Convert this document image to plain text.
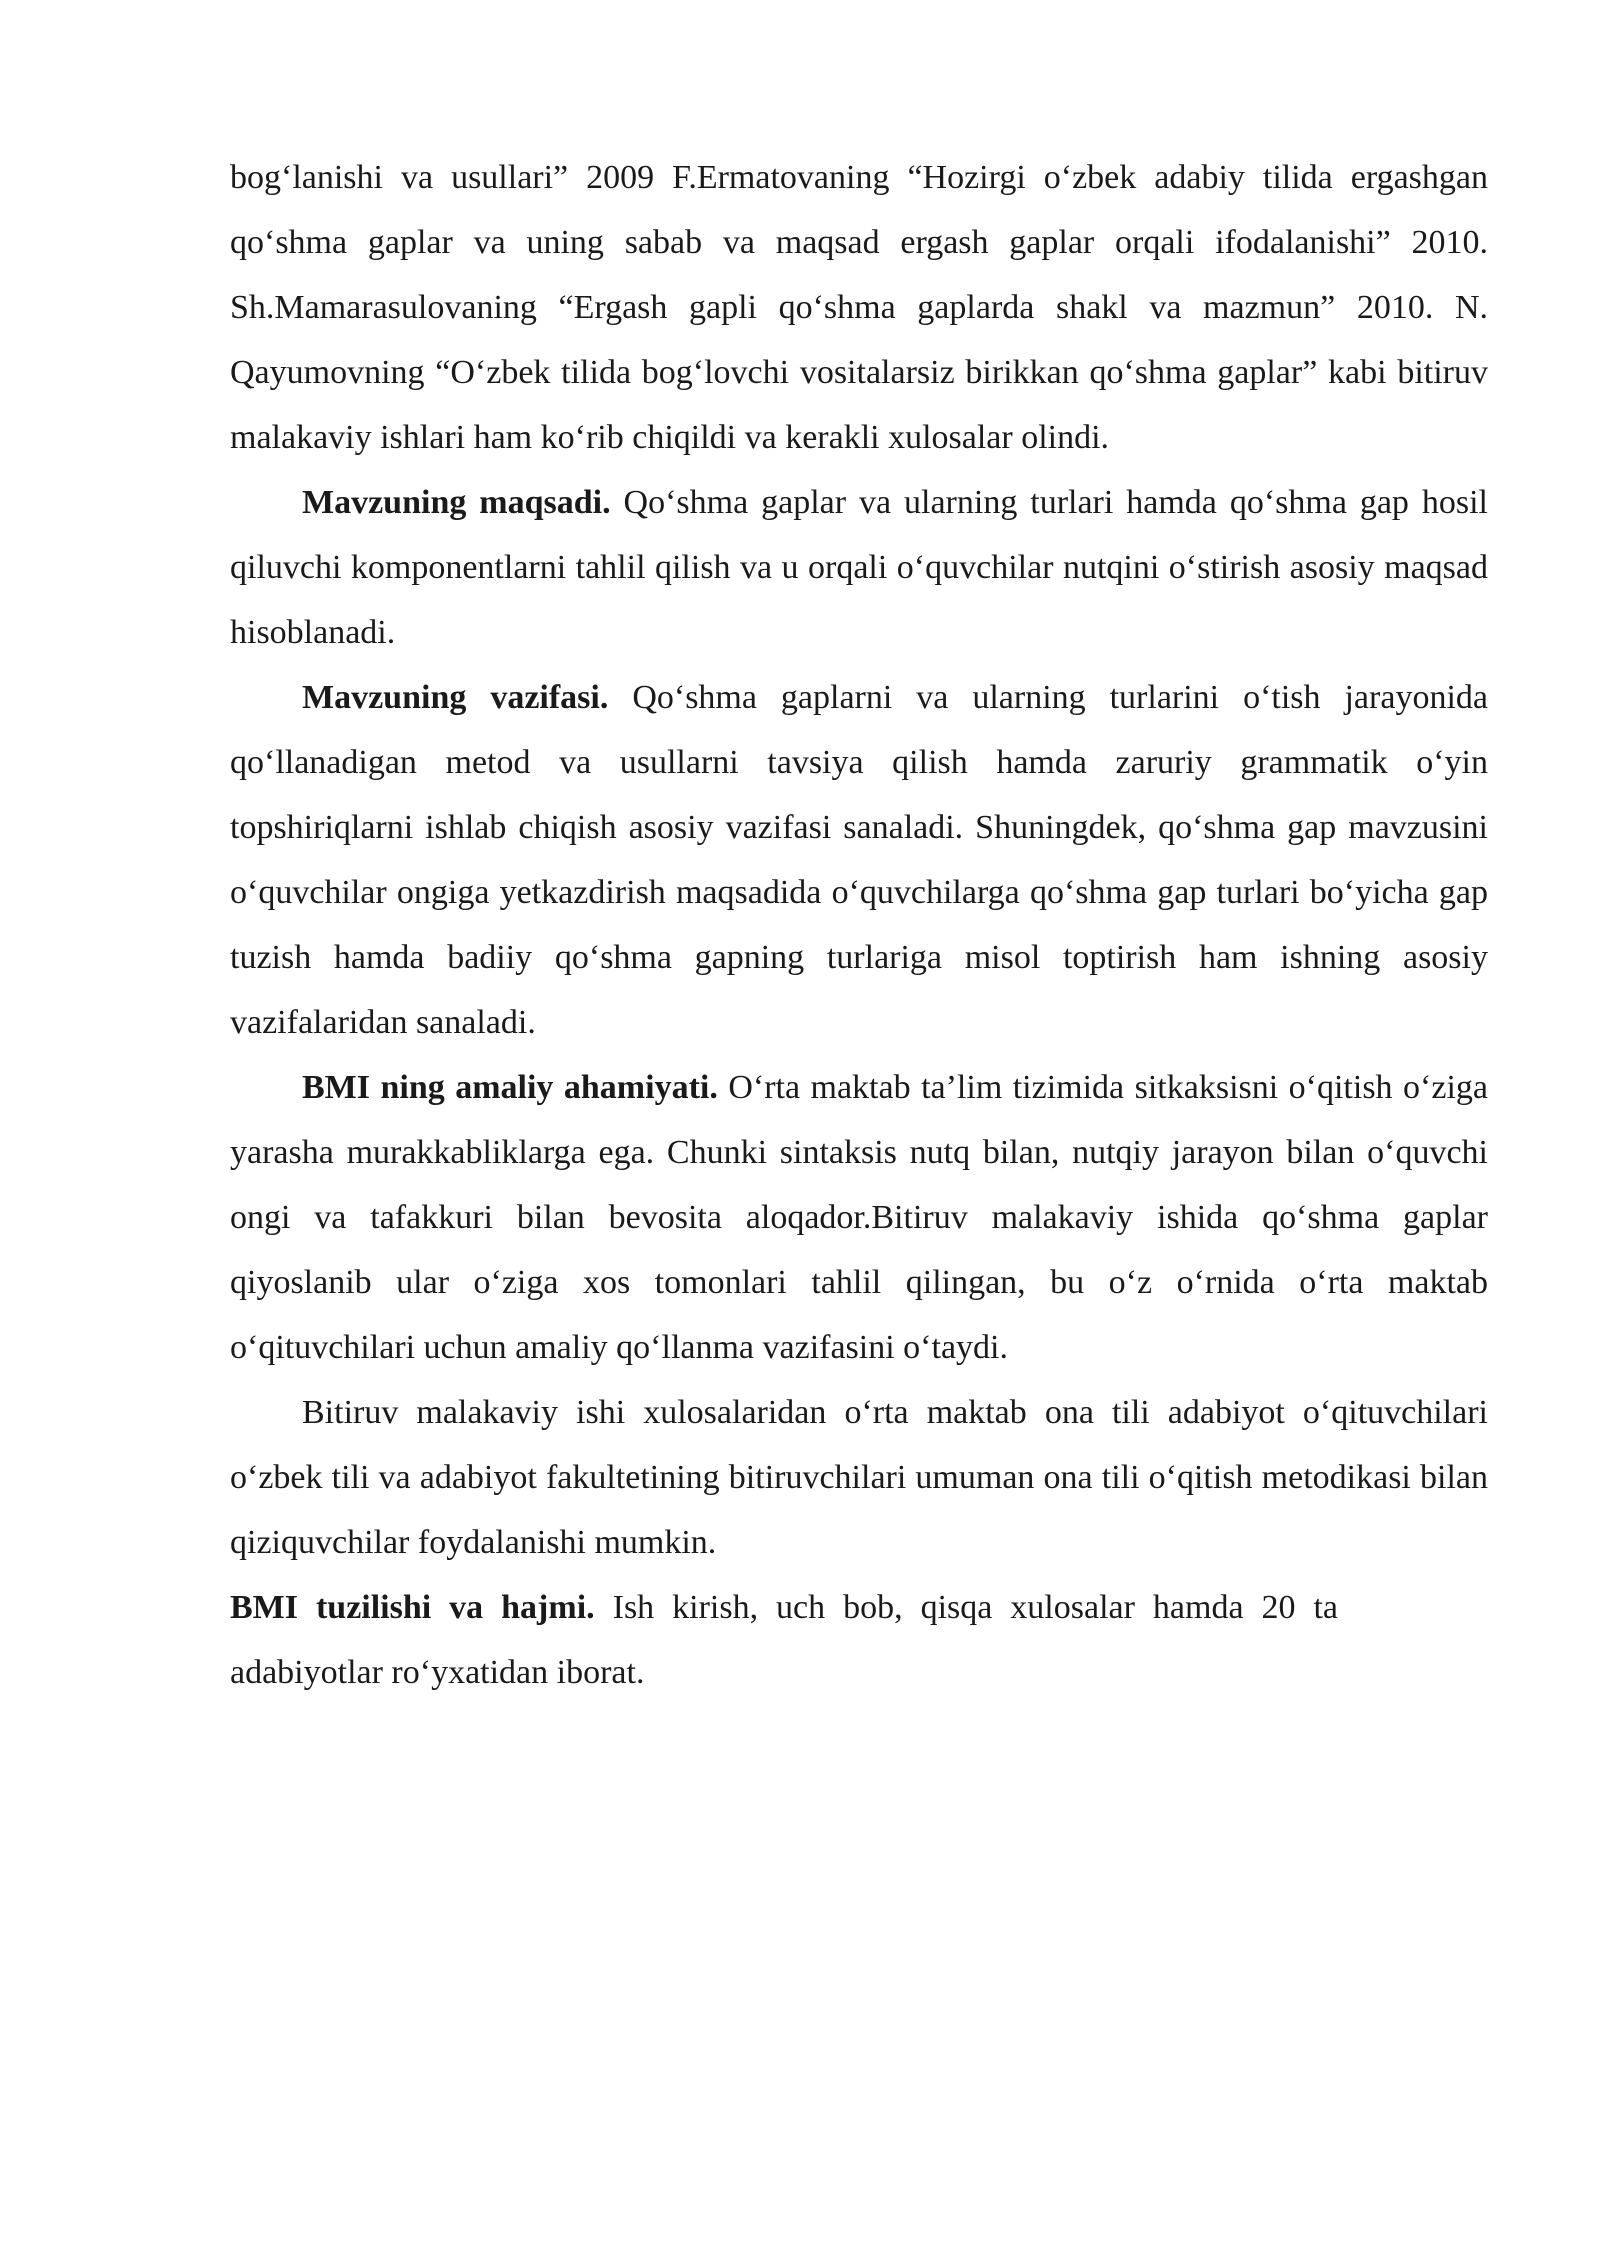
bog‘lanishi va usullari” 2009 F.Ermatovaning “Hozirgi o‘zbek adabiy tilida ergashgan qo‘shma gaplar va uning sabab va maqsad ergash gaplar orqali ifodalanishi” 2010. Sh.Mamarasulovaning “Ergash gapli qo‘shma gaplarda shakl va mazmun” 2010. N. Qayumovning “O‘zbek tilida bog‘lovchi vositalarsiz birikkan qo‘shma gaplar” kabi bitiruv malakaviy ishlari ham ko‘rib chiqildi va kerakli xulosalar olindi.

Mavzuning maqsadi. Qo‘shma gaplar va ularning turlari hamda qo‘shma gap hosil qiluvchi komponentlarni tahlil qilish va u orqali o‘quvchilar nutqini o‘stirish asosiy maqsad hisoblanadi.

Mavzuning vazifasi. Qo‘shma gaplarni va ularning turlarini o‘tish jarayonida qo‘llanadigan metod va usullarni tavsiya qilish hamda zaruriy grammatik o‘yin topshiriqlarni ishlab chiqish asosiy vazifasi sanaladi. Shuningdek, qo‘shma gap mavzusini o‘quvchilar ongiga yetkazdirish maqsadida o‘quvchilarga qo‘shma gap turlari bo‘yicha gap tuzish hamda badiiy qo‘shma gapning turlariga misol toptirish ham ishning asosiy vazifalaridan sanaladi.

BMI ning amaliy ahamiyati. O‘rta maktab ta’lim tizimida sitkaksisni o‘qitish o‘ziga yarasha murakkabliklarga ega. Chunki sintaksis nutq bilan, nutqiy jarayon bilan o‘quvchi ongi va tafakkuri bilan bevosita aloqador.Bitiruv malakaviy ishida qo‘shma gaplar qiyoslanib ular o‘ziga xos tomonlari tahlil qilingan, bu o‘z o‘rnida o‘rta maktab o‘qituvchilari uchun amaliy qo‘llanma vazifasini o‘taydi.

Bitiruv malakaviy ishi xulosalaridan o‘rta maktab ona tili adabiyot o‘qituvchilari o‘zbek tili va adabiyot fakultetining bitiruvchilari umuman ona tili o‘qitish metodikasi bilan qiziquvchilar foydalanishi mumkin.

BMI tuzilishi va hajmi. Ish kirish, uch bob, qisqa xulosalar hamda 20 ta adabiyotlar ro‘yxatidan iborat.
